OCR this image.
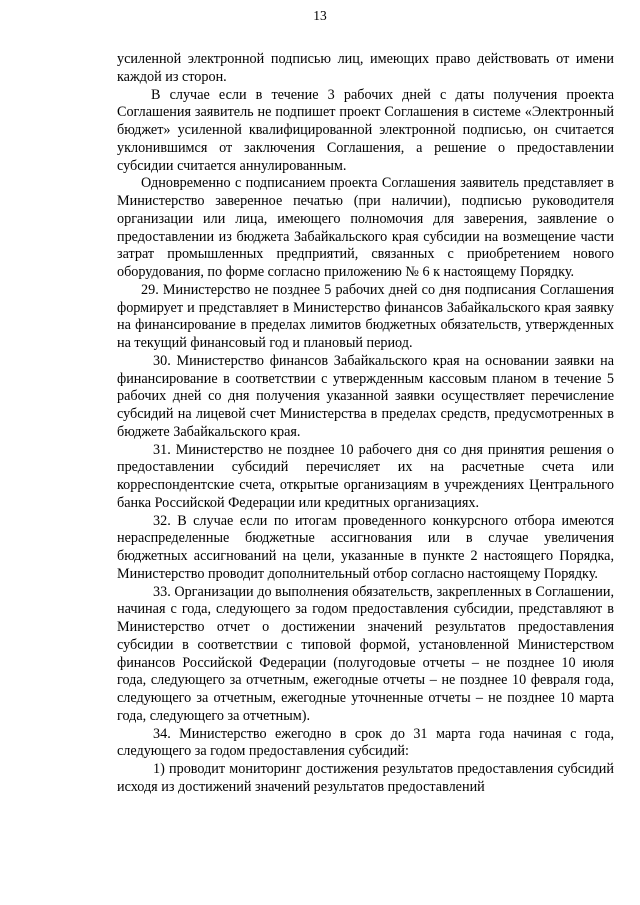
13

усиленной электронной подписью лиц, имеющих право действовать от имени каждой из сторон.

В случае если в течение 3 рабочих дней с даты получения проекта Соглашения заявитель не подпишет проект Соглашения в системе «Электронный бюджет» усиленной квалифицированной электронной подписью, он считается уклонившимся от заключения Соглашения, а решение о предоставлении субсидии считается аннулированным.

Одновременно с подписанием проекта Соглашения заявитель представляет в Министерство заверенное печатью (при наличии), подписью руководителя организации или лица, имеющего полномочия для заверения, заявление о предоставлении из бюджета Забайкальского края субсидии на возмещение части затрат промышленных предприятий, связанных с приобретением нового оборудования, по форме согласно приложению № 6 к настоящему Порядку.

29. Министерство не позднее 5 рабочих дней со дня подписания Соглашения формирует и представляет в Министерство финансов Забайкальского края заявку на финансирование в пределах лимитов бюджетных обязательств, утвержденных на текущий финансовый год и плановый период.

30. Министерство финансов Забайкальского края на основании заявки на финансирование в соответствии с утвержденным кассовым планом в течение 5 рабочих дней со дня получения указанной заявки осуществляет перечисление субсидий на лицевой счет Министерства в пределах средств, предусмотренных в бюджете Забайкальского края.

31. Министерство не позднее 10 рабочего дня со дня принятия решения о предоставлении субсидий перечисляет их на расчетные счета или корреспондентские счета, открытые организациям в учреждениях Центрального банка Российской Федерации или кредитных организациях.

32. В случае если по итогам проведенного конкурсного отбора имеются нераспределенные бюджетные ассигнования или в случае увеличения бюджетных ассигнований на цели, указанные в пункте 2 настоящего Порядка, Министерство проводит дополнительный отбор согласно настоящему Порядку.

33. Организации до выполнения обязательств, закрепленных в Соглашении, начиная с года, следующего за годом предоставления субсидии, представляют в Министерство отчет о достижении значений результатов предоставления субсидии в соответствии с типовой формой, установленной Министерством финансов Российской Федерации (полугодовые отчеты – не позднее 10 июля года, следующего за отчетным, ежегодные отчеты – не позднее 10 февраля года, следующего за отчетным, ежегодные уточненные отчеты – не позднее 10 марта года, следующего за отчетным).

34. Министерство ежегодно в срок до 31 марта года начиная с года, следующего за годом предоставления субсидий:

1) проводит мониторинг достижения результатов предоставления субсидий исходя из достижений значений результатов предоставлений
